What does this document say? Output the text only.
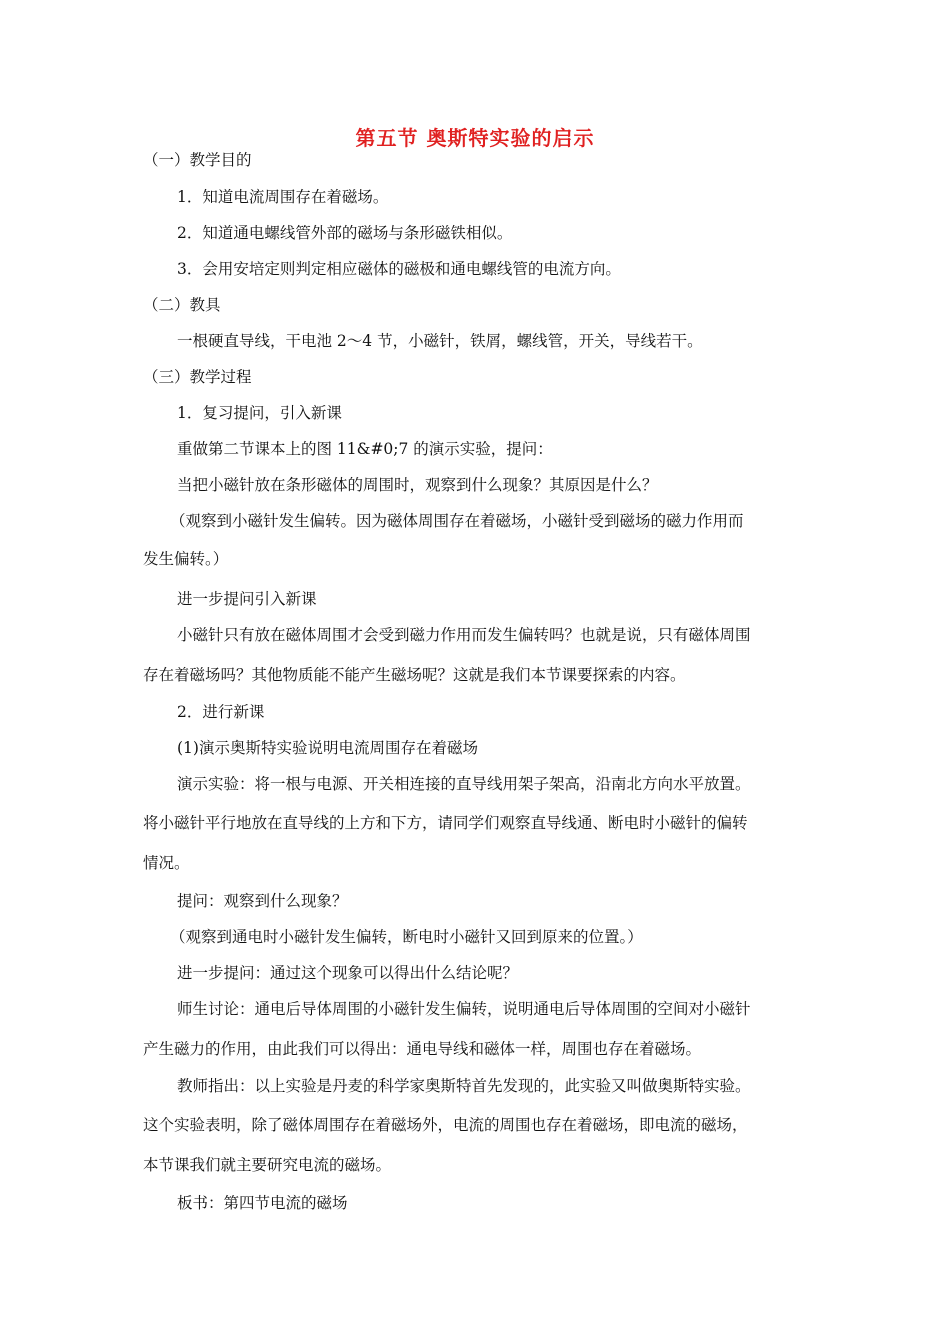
第五节 奥斯特实验的启示
（一）教学目的
1．知道电流周围存在着磁场。
2．知道通电螺线管外部的磁场与条形磁铁相似。
3．会用安培定则判定相应磁体的磁极和通电螺线管的电流方向。
（二）教具
一根硬直导线，干电池 2～4 节，小磁针，铁屑，螺线管，开关，导线若干。
（三）教学过程
1．复习提问，引入新课
重做第二节课本上的图 11&#0;7 的演示实验，提问：
当把小磁针放在条形磁体的周围时，观察到什么现象？其原因是什么？
（观察到小磁针发生偏转。因为磁体周围存在着磁场，小磁针受到磁场的磁力作用而
发生偏转。）
进一步提问引入新课
小磁针只有放在磁体周围才会受到磁力作用而发生偏转吗？也就是说，只有磁体周围
存在着磁场吗？其他物质能不能产生磁场呢？这就是我们本节课要探索的内容。
2．进行新课
(1)演示奥斯特实验说明电流周围存在着磁场
演示实验：将一根与电源、开关相连接的直导线用架子架高，沿南北方向水平放置。
将小磁针平行地放在直导线的上方和下方，请同学们观察直导线通、断电时小磁针的偏转
情况。
提问：观察到什么现象？
（观察到通电时小磁针发生偏转，断电时小磁针又回到原来的位置。）
进一步提问：通过这个现象可以得出什么结论呢？
师生讨论：通电后导体周围的小磁针发生偏转，说明通电后导体周围的空间对小磁针
产生磁力的作用，由此我们可以得出：通电导线和磁体一样，周围也存在着磁场。
教师指出：以上实验是丹麦的科学家奥斯特首先发现的，此实验又叫做奥斯特实验。
这个实验表明，除了磁体周围存在着磁场外，电流的周围也存在着磁场，即电流的磁场，
本节课我们就主要研究电流的磁场。
板书：第四节电流的磁场
